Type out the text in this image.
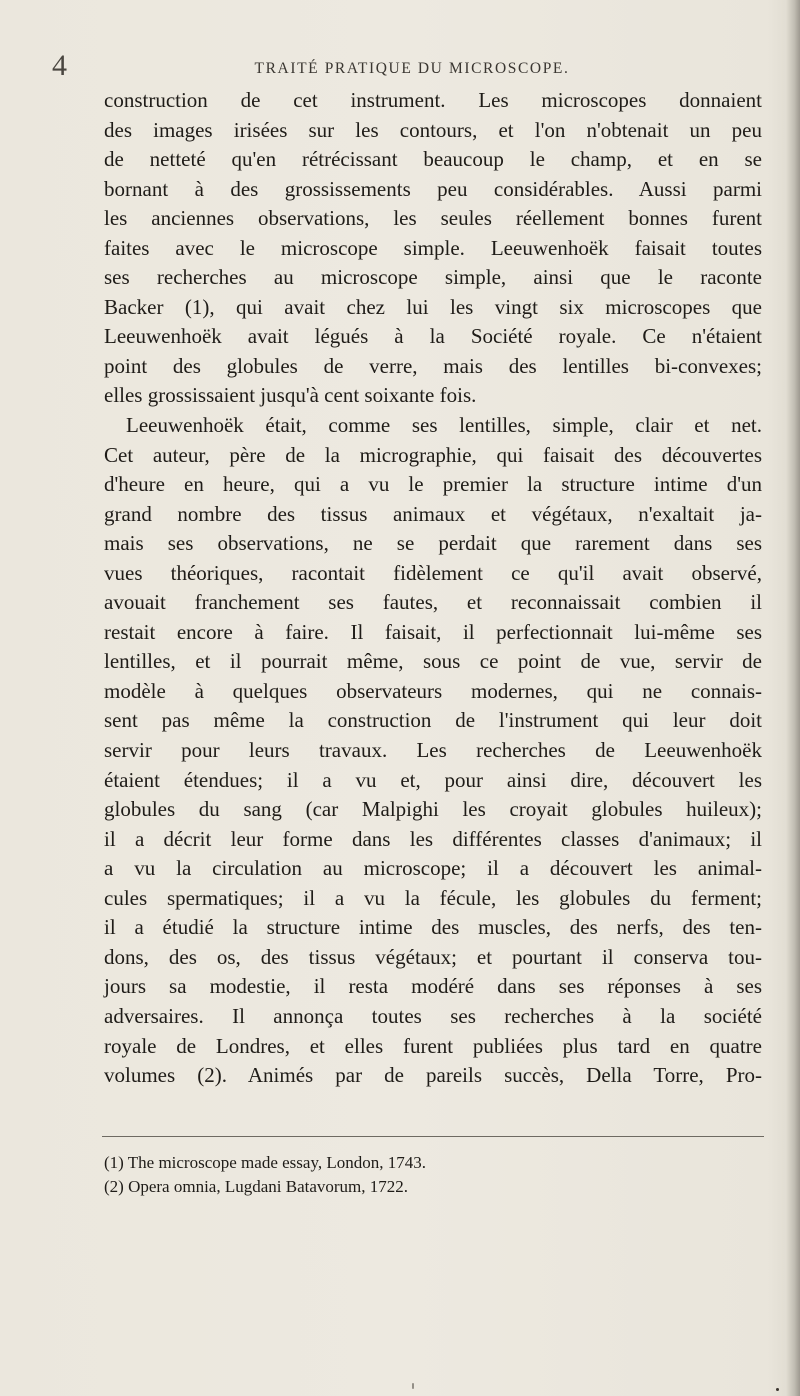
4	TRAITÉ PRATIQUE DU MICROSCOPE.
construction de cet instrument. Les microscopes donnaient
des images irisées sur les contours, et l'on n'obtenait un peu
de netteté qu'en rétrécissant beaucoup le champ, et en se
bornant à des grossissements peu considérables. Aussi parmi
les anciennes observations, les seules réellement bonnes furent
faites avec le microscope simple. Leeuwenhoëk faisait toutes
ses recherches au microscope simple, ainsi que le raconte
Backer (1), qui avait chez lui les vingt six microscopes que
Leeuwenhoëk avait légués à la Société royale. Ce n'étaient
point des globules de verre, mais des lentilles bi-convexes;
elles grossissaient jusqu'à cent soixante fois.
Leeuwenhoëk était, comme ses lentilles, simple, clair et net.
Cet auteur, père de la micrographie, qui faisait des découvertes
d'heure en heure, qui a vu le premier la structure intime d'un
grand nombre des tissus animaux et végétaux, n'exaltait ja-
mais ses observations, ne se perdait que rarement dans ses
vues théoriques, racontait fidèlement ce qu'il avait observé,
avouait franchement ses fautes, et reconnaissait combien il
restait encore à faire. Il faisait, il perfectionnait lui-même ses
lentilles, et il pourrait même, sous ce point de vue, servir de
modèle à quelques observateurs modernes, qui ne connais-
sent pas même la construction de l'instrument qui leur doit
servir pour leurs travaux. Les recherches de Leeuwenhoëk
étaient étendues; il a vu et, pour ainsi dire, découvert les
globules du sang (car Malpighi les croyait globules huileux);
il a décrit leur forme dans les différentes classes d'animaux; il
a vu la circulation au microscope; il a découvert les animal-
cules spermatiques; il a vu la fécule, les globules du ferment;
il a étudié la structure intime des muscles, des nerfs, des ten-
dons, des os, des tissus végétaux; et pourtant il conserva tou-
jours sa modestie, il resta modéré dans ses réponses à ses
adversaires. Il annonça toutes ses recherches à la société
royale de Londres, et elles furent publiées plus tard en quatre
volumes (2). Animés par de pareils succès, Della Torre, Pro-
(1) The microscope made essay, London, 1743.
(2) Opera omnia, Lugdani Batavorum, 1722.
